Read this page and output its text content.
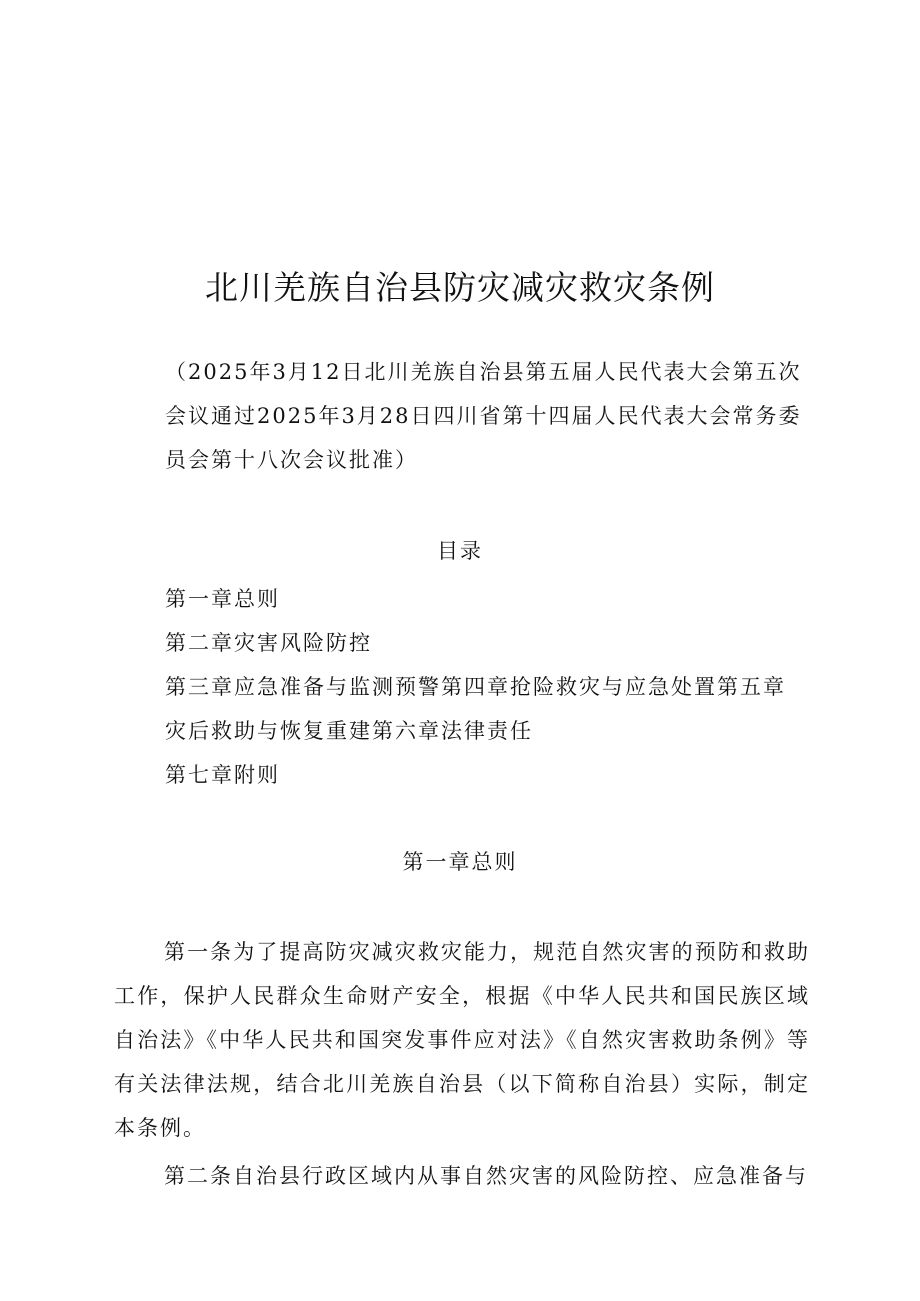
北川羌族自治县防灾减灾救灾条例

（2025年3月12日北川羌族自治县第五届人民代表大会第五次会议通过2025年3月28日四川省第十四届人民代表大会常务委员会第十八次会议批准）

目录

第一章总则

第二章灾害风险防控

第三章应急准备与监测预警第四章抢险救灾与应急处置第五章灾后救助与恢复重建第六章法律责任

第七章附则

第一章总则

第一条为了提高防灾减灾救灾能力，规范自然灾害的预防和救助工作，保护人民群众生命财产安全，根据《中华人民共和国民族区域自治法》《中华人民共和国突发事件应对法》《自然灾害救助条例》等有关法律法规，结合北川羌族自治县（以下简称自治县）实际，制定本条例。

第二条自治县行政区域内从事自然灾害的风险防控、应急准备与
